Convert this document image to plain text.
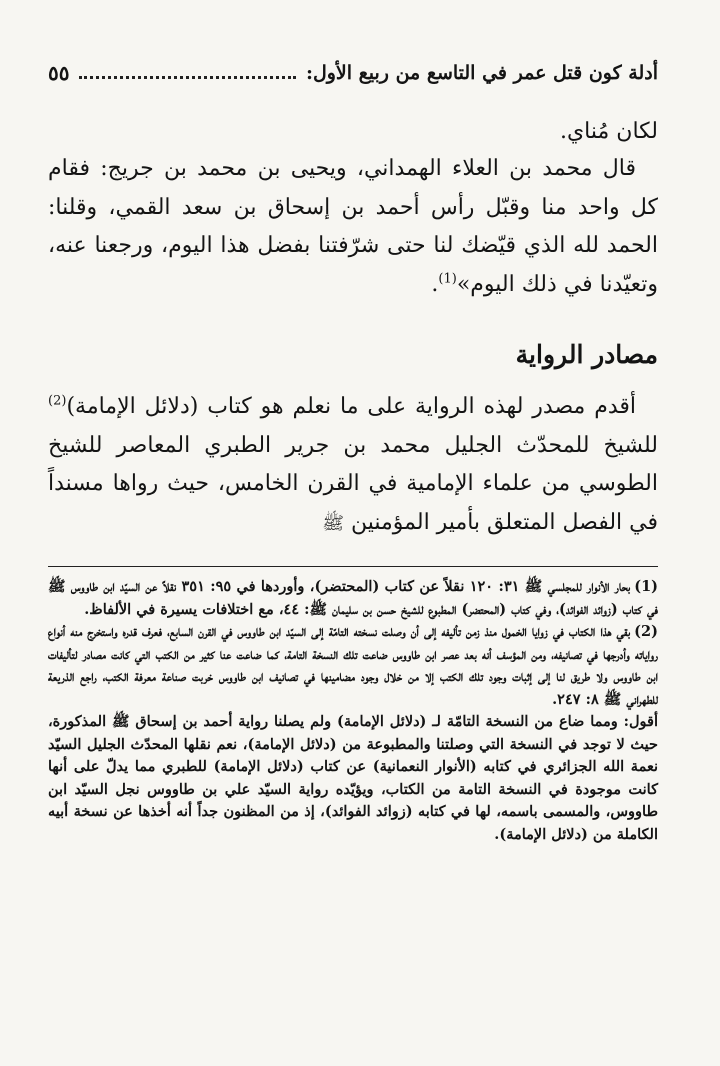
أدلة كون قتل عمر في التاسع من ربيع الأول:
٥٥
لكان مُناي.
 قال محمد بن العلاء الهمداني، ويحيى بن محمد بن جريج: فقام كل واحد منا وقبّل رأس أحمد بن إسحاق بن سعد القمي، وقلنا: الحمد لله الذي قيّضك لنا حتى شرّفتنا بفضل هذا اليوم، ورجعنا عنه، وتعيّدنا في ذلك اليوم»$^{(1)}$.
مصادر الرواية
 أقدم مصدر لهذه الرواية على ما نعلم هو كتاب (دلائل الإمامة)$^{(2)}$ للشيخ للمحدّث الجليل محمد بن جرير الطبري المعاصر للشيخ الطوسي من علماء الإمامية في القرن الخامس، حيث رواها مسنداً في الفصل المتعلق بأمير المؤمنين ﷺ

(1)بحار الأنوار للمجلسي ﷺ ٣١: ١٢٠ نقلاً عن كتاب (المحتضر)، وأوردها في ٩٥: ٣٥١ نقلاً عن السيّد ابن طاووس ﷺ في كتاب (زوائد الفوائد)، وفي كتاب (المحتضر) المطبوع للشيخ حسن بن سليمان ﷺ: ٤٤، مع اختلافات يسيرة في الألفاظ.

(2)بقي هذا الكتاب في زوايا الخمول منذ زمن تأليفه إلى أن وصلت نسخته التامّة إلى السيّد ابن طاووس في القرن السابع، فعرف قدره واستخرج منه أنواع رواياته وأدرجها في تصانيفه، ومن المؤسف أنه بعد عصر ابن طاووس ضاعت تلك النسخة التامة، كما ضاعت عنا كثير من الكتب التي كانت مصادر لتأليفات ابن طاووس ولا طريق لنا إلى إثبات وجود تلك الكتب إلا من خلال وجود مضامينها في تصانيف ابن طاووس خربت صناعة معرفة الكتب، راجع الذريعة للطهراني ﷺ ٨: ٢٤٧.

أقول: ومما ضاع من النسخة التامّة لـ (دلائل الإمامة) ولم يصلنا رواية أحمد بن إسحاق ﷺ المذكورة، حيث لا توجد في النسخة التي وصلتنا والمطبوعة من (دلائل الإمامة)، نعم نقلها المحدّث الجليل السيّد نعمة الله الجزائري في كتابه (الأنوار النعمانية) عن كتاب (دلائل الإمامة) للطبري مما يدلّ على أنها كانت موجودة في النسخة التامة من الكتاب، ويؤيّده رواية السيّد علي بن طاووس نجل السيّد ابن طاووس، والمسمى باسمه، لها في كتابه (زوائد الفوائد)، إذ من المظنون جداً أنه أخذها عن نسخة أبيه الكاملة من (دلائل الإمامة).
